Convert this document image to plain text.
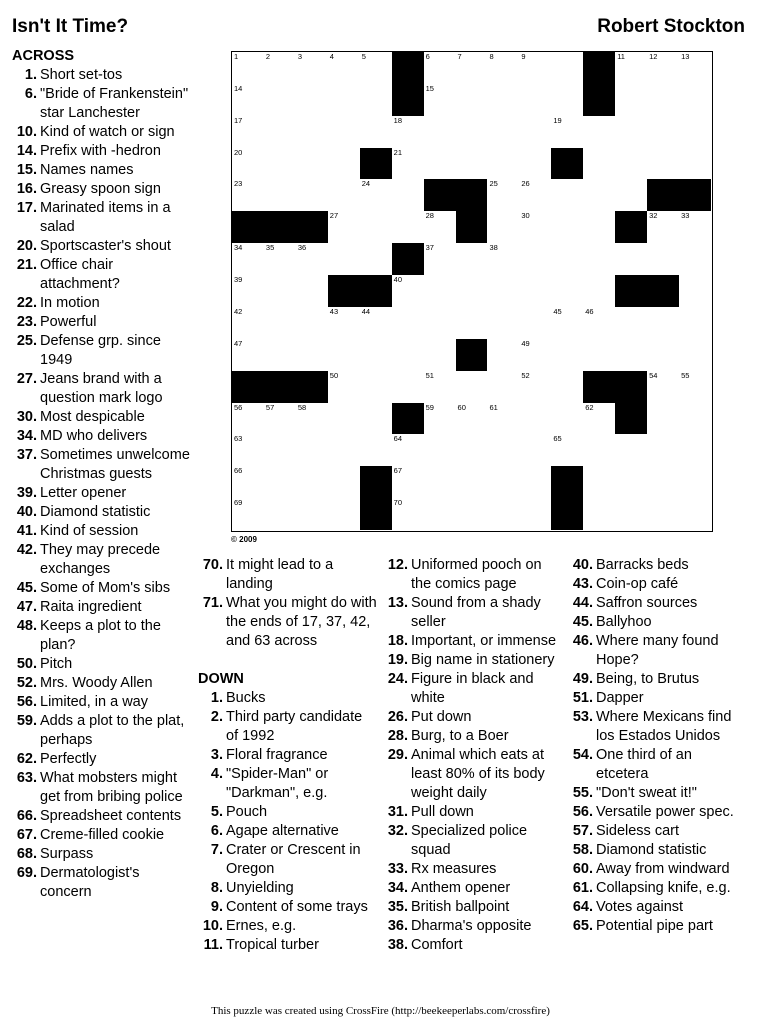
Isn't It Time?	Robert Stockton
1	2	3	4	5	6	7	8	9	11	12	13
14	15
17	18	19
20	21
23	24	25	26
27	28	30	32	33
34	35	36	37	38
39	40
42	43	44	45	46
47	49
50	51	52	54	55
56	57	58	59	60	61	62
63	64	65
66	67
69	70
© 2009
ACROSS
1. Short set-tos
6. "Bride of Frankenstein" star Lanchester
10. Kind of watch or sign
14. Prefix with -hedron
15. Names names
16. Greasy spoon sign
17. Marinated items in a salad
20. Sportscaster's shout
21. Office chair attachment?
22. In motion
23. Powerful
25. Defense grp. since 1949
27. Jeans brand with a question mark logo
30. Most despicable
34. MD who delivers
37. Sometimes unwelcome Christmas guests
39. Letter opener
40. Diamond statistic
41. Kind of session
42. They may precede exchanges
45. Some of Mom's sibs
47. Raita ingredient
48. Keeps a plot to the plan?
50. Pitch
52. Mrs. Woody Allen
56. Limited, in a way
59. Adds a plot to the plat, perhaps
62. Perfectly
63. What mobsters might get from bribing police
66. Spreadsheet contents
67. Creme-filled cookie
68. Surpass
69. Dermatologist's concern
70. It might lead to a landing
71. What you might do with the ends of 17, 37, 42, and 63 across
DOWN
1. Bucks
2. Third party candidate of 1992
3. Floral fragrance
4. "Spider-Man" or "Darkman", e.g.
5. Pouch
6. Agape alternative
7. Crater or Crescent in Oregon
8. Unyielding
9. Content of some trays
10. Ernes, e.g.
11. Tropical turber
12. Uniformed pooch on the comics page
13. Sound from a shady seller
18. Important, or immense
19. Big name in stationery
24. Figure in black and white
26. Put down
28. Burg, to a Boer
29. Animal which eats at least 80% of its body weight daily
31. Pull down
32. Specialized police squad
33. Rx measures
34. Anthem opener
35. British ballpoint
36. Dharma's opposite
38. Comfort
40. Barracks beds
43. Coin-op café
44. Saffron sources
45. Ballyhoo
46. Where many found Hope?
49. Being, to Brutus
51. Dapper
53. Where Mexicans find los Estados Unidos
54. One third of an etcetera
55. "Don't sweat it!"
56. Versatile power spec.
57. Sideless cart
58. Diamond statistic
60. Away from windward
61. Collapsing knife, e.g.
64. Votes against
65. Potential pipe part
This puzzle was created using CrossFire (http://beekeeperlabs.com/crossfire)
